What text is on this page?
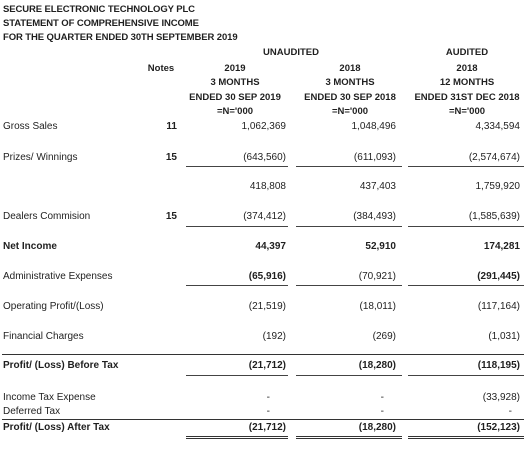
SECURE ELECTRONIC TECHNOLOGY PLC
STATEMENT OF COMPREHENSIVE INCOME
FOR THE QUARTER ENDED 30TH SEPTEMBER 2019
UNAUDITED	AUDITED
Notes	2019	2018	2018
3 MONTHS	3 MONTHS	12 MONTHS
ENDED 30 SEP 2019	ENDED 30 SEP 2018	ENDED 31ST DEC 2018
=N='000	=N='000	=N='000
Gross Sales	11	1,062,369	1,048,496	4,334,594
Prizes/ Winnings	15	(643,560)	(611,093)	(2,574,674)
418,808	437,403	1,759,920
Dealers Commision	15	(374,412)	(384,493)	(1,585,639)
Net Income	44,397	52,910	174,281
Administrative Expenses	(65,916)	(70,921)	(291,445)
Operating Profit/(Loss)	(21,519)	(18,011)	(117,164)
Financial Charges	(192)	(269)	(1,031)
Profit/ (Loss) Before Tax	(21,712)	(18,280)	(118,195)
Income Tax Expense	-	-	(33,928)
Deferred Tax	-	-	-
Profit/ (Loss) After Tax	(21,712)	(18,280)	(152,123)
